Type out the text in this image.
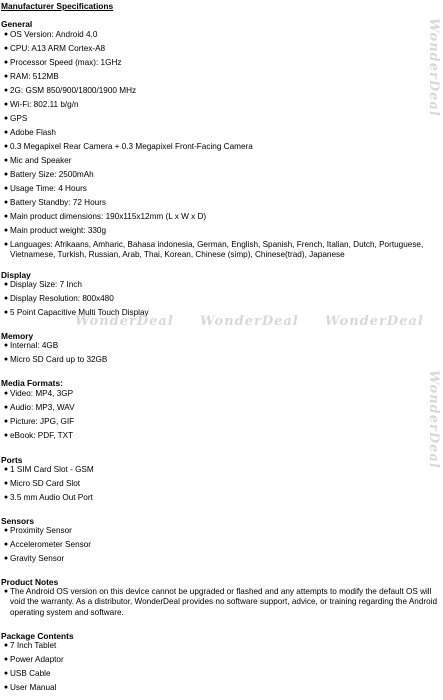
Manufacturer Specifications
General
● OS Version: Android 4.0
● CPU: A13 ARM Cortex-A8
● Processor Speed (max): 1GHz
● RAM: 512MB
● 2G: GSM 850/900/1800/1900 MHz
● Wi-Fi: 802.11 b/g/n
● GPS
● Adobe Flash
● 0.3 Megapixel Rear Camera + 0.3 Megapixel Front-Facing Camera
● Mic and Speaker
● Battery Size: 2500mAh
● Usage Time: 4 Hours
● Battery Standby: 72 Hours
● Main product dimensions: 190x115x12mm (L x W x D)
● Main product weight: 330g
● Languages: Afrikaans, Amharic, Bahasa indonesia, German, English, Spanish, French, Italian, Dutch, Portuguese, Vietnamese, Turkish, Russian, Arab, Thai, Korean, Chinese (simp), Chinese(trad), Japanese
Display
● Display Size: 7 Inch
● Display Resolution: 800x480
● 5 Point Capacitive Multi Touch Display
Memory
● Internal: 4GB
● Micro SD Card up to 32GB
Media Formats:
● Video: MP4, 3GP
● Audio: MP3, WAV
● Picture: JPG, GIF
● eBook: PDF, TXT
Ports
● 1 SIM Card Slot - GSM
● Micro SD Card Slot
● 3.5 mm Audio Out Port
Sensors
● Proximity Sensor
● Accelerometer Sensor
● Gravity Sensor
Product Notes
● The Android OS version on this device cannot be upgraded or flashed and any attempts to modify the default OS will void the warranty. As a distributor, WonderDeal provides no software support, advice, or training regarding the Android operating system and software.
Package Contents
● 7 Inch Tablet
● Power Adaptor
● USB Cable
● User Manual
WonderDeal WonderDeal WonderDeal
WonderDeal
WonderDeal
